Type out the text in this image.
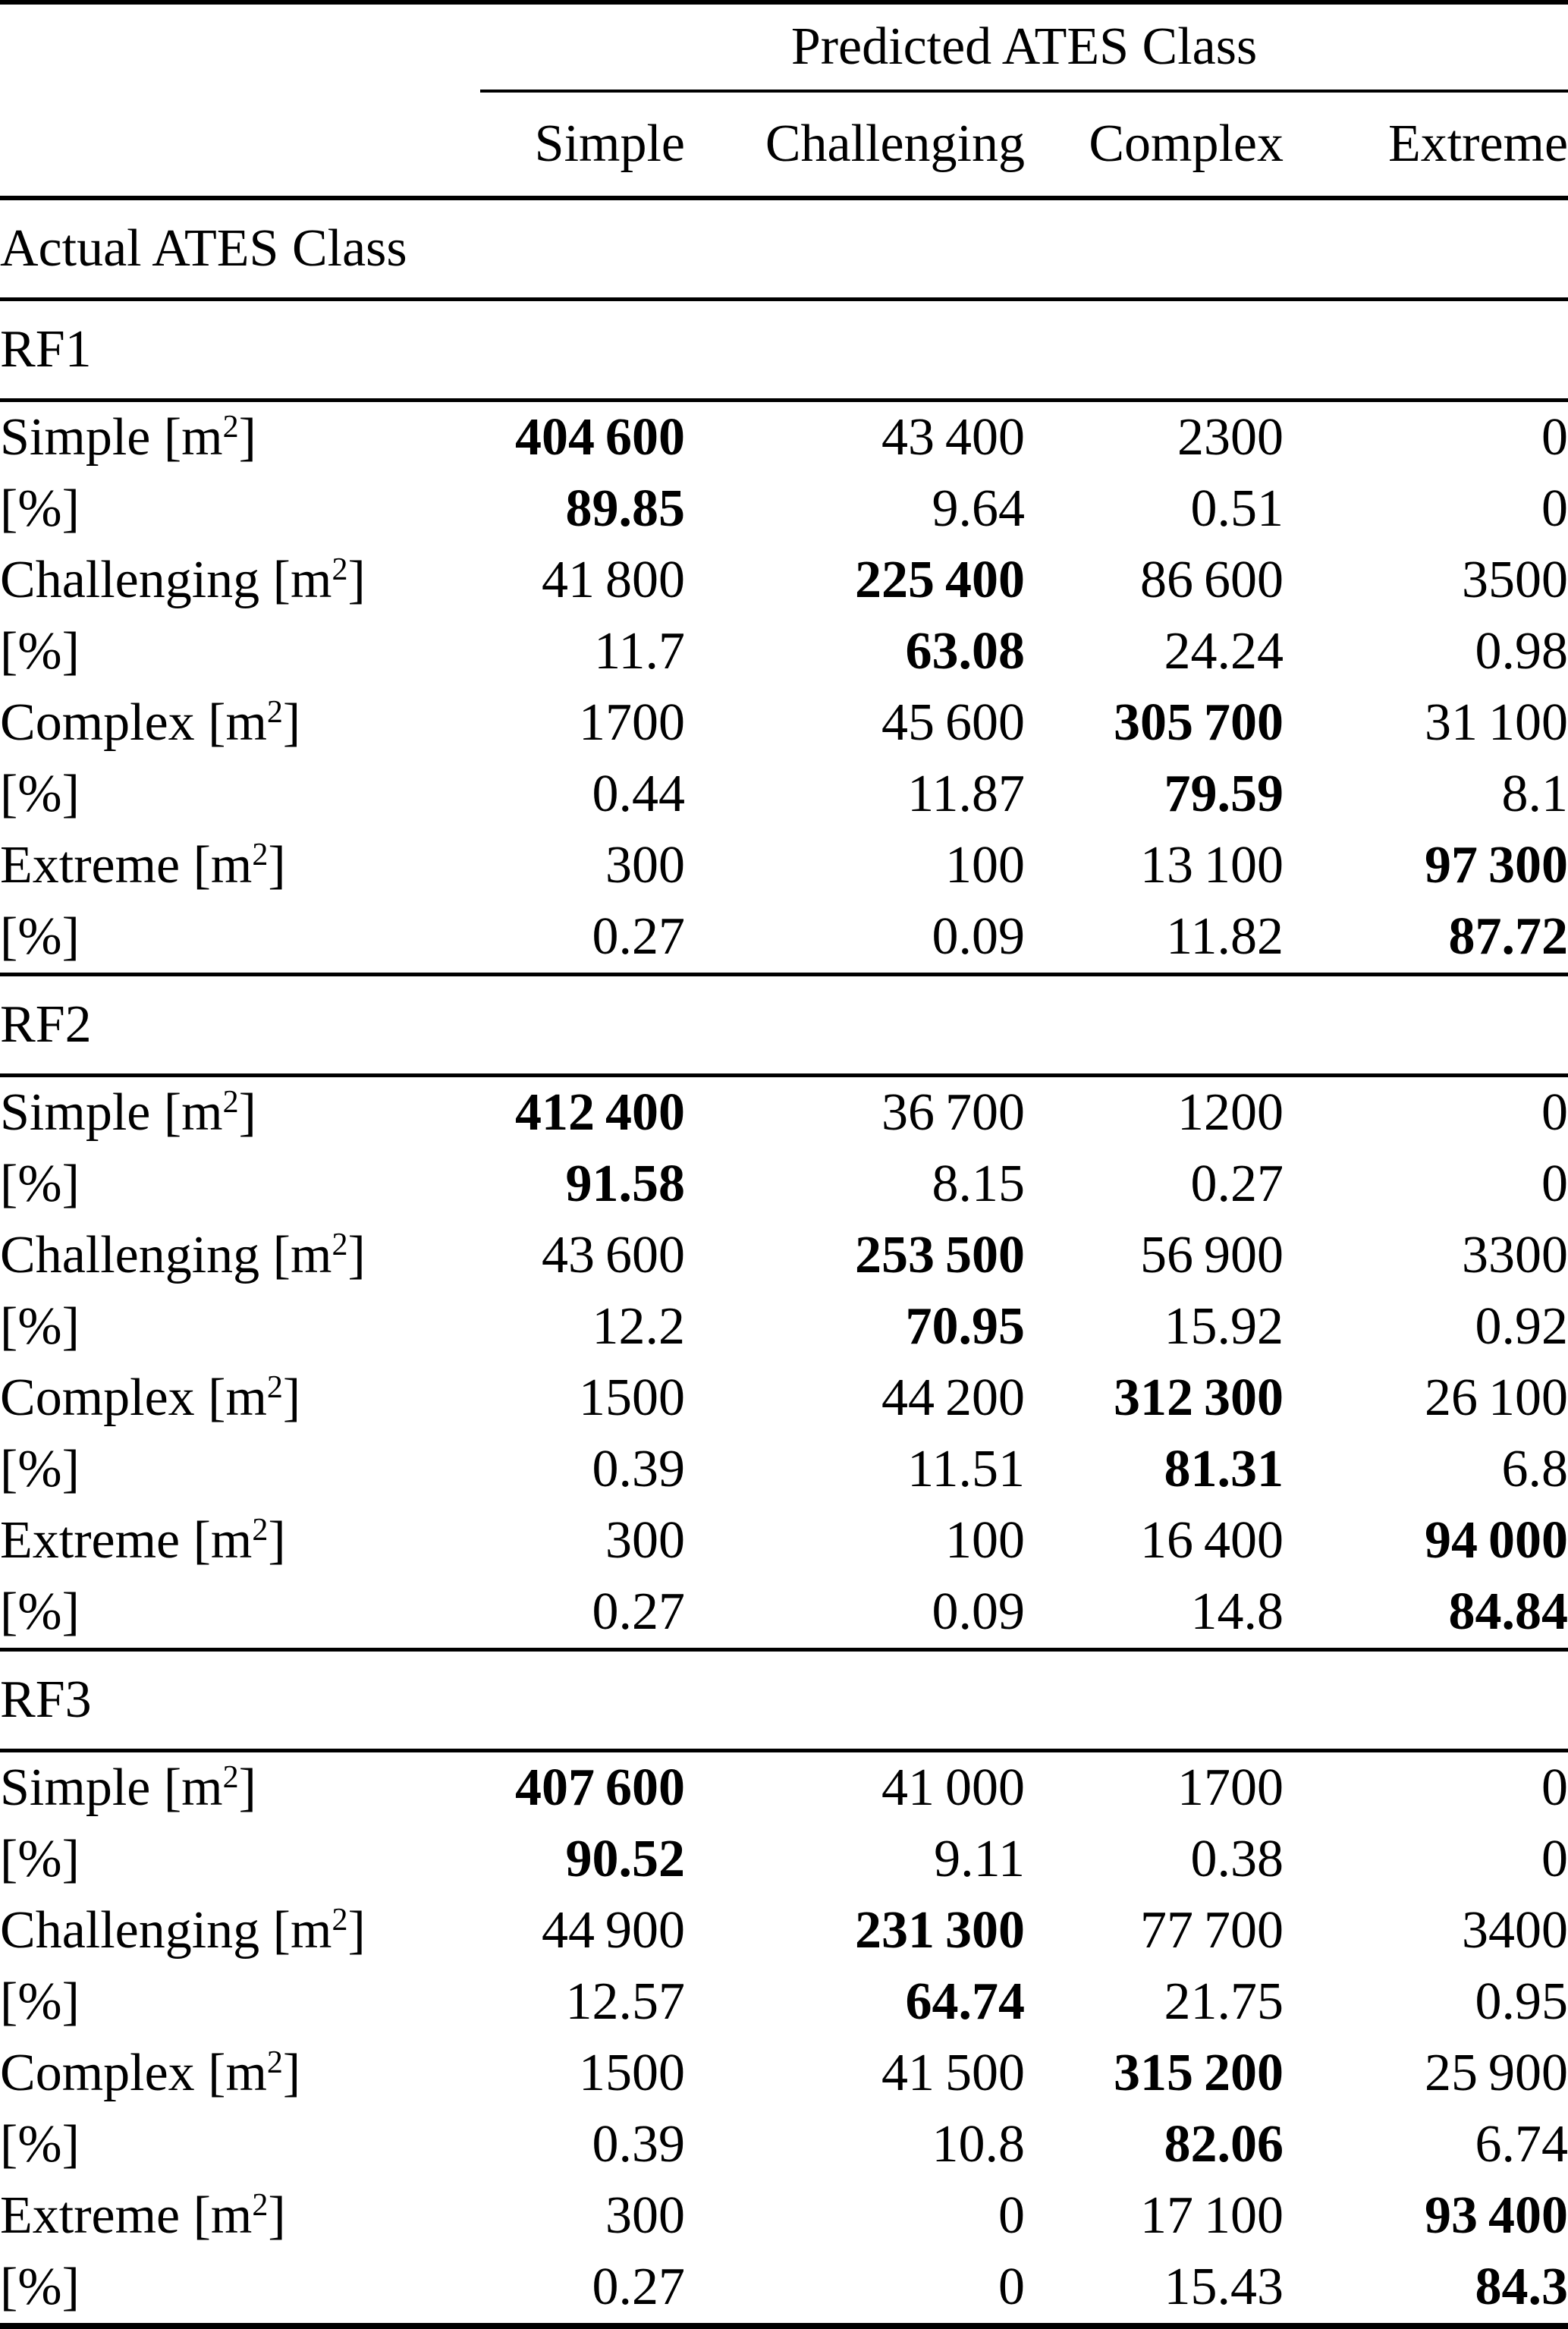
	Predicted ATES Class			
	Simple	Challenging	Complex	Extreme
Actual ATES Class				
RF1				
Simple $[m^2]$	404 600	43 400	2300	0
[%]	89.85	9.64	0.51	0
Challenging $[m^2]$	41 800	225 400	86 600	3500
[%]	11.7	63.08	24.24	0.98
Complex $[m^2]$	1700	45 600	305 700	31 100
[%]	0.44	11.87	79.59	8.1
Extreme $[m^2]$	300	100	13 100	97 300
[%]	0.27	0.09	11.82	87.72
RF2				
Simple $[m^2]$	412 400	36 700	1200	0
[%]	91.58	8.15	0.27	0
Challenging $[m^2]$	43 600	253 500	56 900	3300
[%]	12.2	70.95	15.92	0.92
Complex $[m^2]$	1500	44 200	312 300	26 100
[%]	0.39	11.51	81.31	6.8
Extreme $[m^2]$	300	100	16 400	94 000
[%]	0.27	0.09	14.8	84.84
RF3				
Simple $[m^2]$	407 600	41 000	1700	0
[%]	90.52	9.11	0.38	0
Challenging $[m^2]$	44 900	231 300	77 700	3400
[%]	12.57	64.74	21.75	0.95
Complex $[m^2]$	1500	41 500	315 200	25 900
[%]	0.39	10.8	82.06	6.74
Extreme $[m^2]$	300	0	17 100	93 400
[%]	0.27	0	15.43	84.3
